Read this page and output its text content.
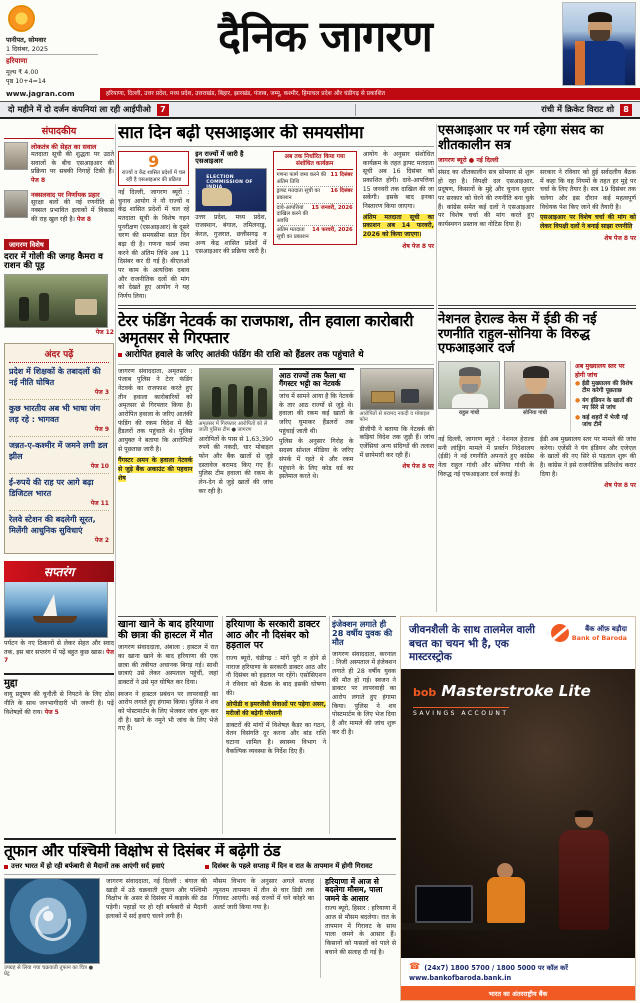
पानीपत, सोमवार
1 दिसंबर, 2025
हरियाणा
मूल्य ₹ 4.00
पृष्ठ 10+4=14
दैनिक जागरण
www.jagran.com	हरियाणा, दिल्ली, उत्तर प्रदेश, मध्य प्रदेश, उत्तराखंड, बिहार, झारखंड, पंजाब, जम्मू, कश्मीर, हिमाचल प्रदेश और चंडीगढ़ से प्रकाशित
दो महीने में दो दर्जन कंपनियां ला रही आईपीओ	7	रांची में क्रिकेट विराट शो	8
संपादकीय
लोकतंत्र की सेहत का सवाल
मतदाता सूची की शुद्धता पर उठते सवालों के बीच एसआइआर की प्रक्रिया पर सबकी निगाहें टिकी हैं। पेज 8
नक्सलवाद पर निर्णायक प्रहार
सुरक्षा बलों की नई रणनीति से नक्सल प्रभावित इलाकों में विकास की राह खुल रही है। पेज 8
जागरण विशेष
दरार में गोली की जगह कैमरा व राशन की पूड़
पेज 12
अंदर पढ़ें
प्रदेश में शिक्षकों के तबादलों की नई नीति घोषित
पेज 3
कुछ भारतीय अब भी भाषा जंग लड़ रहे : भागवत
पेज 9
जन्नत-ए-कश्मीर में जमने लगी डल झील
पेज 10
ई-रुपये की राह पर आगे बढ़ा डिजिटल भारत
पेज 11
रेलवे स्टेशन की बदलेगी सूरत, मिलेंगी आधुनिक सुविधाएं
पेज 2
सप्तरंग
पर्यटन के नए ठिकानों से लेकर सेहत और स्वाद तक, इस बार सप्तरंग में पढ़ें बहुत कुछ खास। पेज 7
मुद्दा
वायु प्रदूषण की चुनौती से निपटने के लिए ठोस नीति के साथ जनभागीदारी भी जरूरी है। पढ़ें विशेषज्ञों की राय। पेज 5
सात दिन बढ़ी एसआइआर की समयसीमा
9
राज्यों व केंद्र शासित प्रदेशों में चल रही है एसआइआर की प्रक्रिया
नई दिल्ली, जागरण ब्यूरो : चुनाव आयोग ने नौ राज्यों व केंद्र शासित प्रदेशों में चल रहे मतदाता सूची के विशेष गहन पुनरीक्षण (एसआइआर) के दूसरे चरण की समयसीमा सात दिन बढ़ा दी है। गणना फार्म जमा करने की अंतिम तिथि अब 11 दिसंबर कर दी गई है। बीएलओ पर काम के अत्यधिक दबाव और राजनीतिक दलों की मांग को देखते हुए आयोग ने यह निर्णय लिया।
इन राज्यों में जारी है एसआइआर
ELECTION COMMISSION OF INDIA
उत्तर प्रदेश, मध्य प्रदेश, राजस्थान, बंगाल, तमिलनाडु, केरल, गुजरात, छत्तीसगढ़ व अन्य केंद्र शासित प्रदेशों में एसआइआर की प्रक्रिया जारी है।
अब तक निर्धारित किया गया संशोधित कार्यक्रम
गणना फार्म जमा करने की अंतिम तिथि
11 दिसंबर
ड्राफ्ट मतदाता सूची का प्रकाशन
16 दिसंबर
दावे-आपत्तियां दाखिल करने की अवधि
15 जनवरी, 2026
अंतिम मतदाता सूची का प्रकाशन
14 फरवरी, 2026
आयोग के अनुसार संशोधित कार्यक्रम के तहत ड्राफ्ट मतदाता सूची अब 16 दिसंबर को प्रकाशित होगी। दावे-आपत्तियां 15 जनवरी तक दाखिल की जा सकेंगी। इसके बाद इनका निस्तारण किया जाएगा।
अंतिम मतदाता सूची का प्रकाशन अब 14 फरवरी, 2026 को किया जाएगा।
शेष पेज 8 पर
एसआइआर पर गर्म रहेगा संसद का शीतकालीन सत्र
जागरण ब्यूरो ● नई दिल्ली
संसद का शीतकालीन सत्र सोमवार से शुरू हो रहा है। विपक्षी दल एसआइआर, प्रदूषण, किसानों के मुद्दे और चुनाव सुधार पर सरकार को घेरने की रणनीति बना चुके हैं। कांग्रेस समेत कई दलों ने एसआइआर पर विशेष चर्चा की मांग करते हुए कार्यस्थगन प्रस्ताव का नोटिस दिया है।
सरकार ने रविवार को हुई सर्वदलीय बैठक में कहा कि वह नियमों के तहत हर मुद्दे पर चर्चा के लिए तैयार है। सत्र 19 दिसंबर तक चलेगा और इस दौरान कई महत्वपूर्ण विधेयक पेश किए जाने की तैयारी है।
एसआइआर पर विशेष चर्चा की मांग को लेकर विपक्षी दलों ने बनाई साझा रणनीति
शेष पेज 8 पर
टेरर फंडिंग नेटवर्क का राजफाश, तीन हवाला कारोबारी अमृतसर से गिरफ्तार
आरोपित हवाले के जरिए आतंकी फंडिंग की राशि को हैंडलर तक पहुंचाते थे
जागरण संवाददाता, अमृतसर : पंजाब पुलिस ने टेरर फंडिंग नेटवर्क का राजफाश करते हुए तीन हवाला कारोबारियों को अमृतसर से गिरफ्तार किया है। आरोपित हवाला के जरिए आतंकी फंडिंग की रकम विदेश में बैठे हैंडलरों तक पहुंचाते थे। पुलिस आयुक्त ने बताया कि आरोपितों से पूछताछ जारी है।
गैंगस्टर अमन के हवाला नेटवर्क से जुड़े बैंक अकाउंट की पहचान शेष
अमृतसर में गिरफ्तार आरोपितों को ले जाती पुलिस टीम ● जागरण
आरोपितों के पास से 1,63,390 रुपये की नकदी, चार मोबाइल फोन और बैंक खातों से जुड़े दस्तावेज बरामद किए गए हैं। पुलिस टीम हवाला की रकम के लेन-देन से जुड़े खातों की जांच कर रही है।
आठ राज्यों तक फैला था गैंगस्टर भट्टी का नेटवर्क
जांच में सामने आया है कि नेटवर्क के तार आठ राज्यों से जुड़े थे। हवाला की रकम कई खातों के जरिए घुमाकर हैंडलरों तक पहुंचाई जाती थी।
पुलिस के अनुसार गिरोह के सदस्य सोशल मीडिया के जरिए संपर्क में रहते थे और रकम पहुंचाने के लिए कोड वर्ड का इस्तेमाल करते थे।
आरोपितों से बरामद नकदी व मोबाइल फोन
डीजीपी ने बताया कि नेटवर्क की कड़ियां विदेश तक जुड़ी हैं। जांच एजेंसियां अन्य संदिग्धों की तलाश में छापेमारी कर रही हैं।
शेष पेज 8 पर
नेशनल हेराल्ड केस में ईडी की नई रणनीति राहुल-सोनिया के विरुद्ध एफआइआर दर्ज
राहुल गांधी	सोनिया गांधी
अब मुख्यालय स्तर पर होगी जांच
● ईडी मुख्यालय की विशेष टीम करेगी पूछताछ
● यंग इंडियन के खातों की नए सिरे से जांच
● कई शहरों में भेजी गईं जांच टीमें
नई दिल्ली, जागरण ब्यूरो : नेशनल हेराल्ड मनी लांड्रिंग मामले में प्रवर्तन निदेशालय (ईडी) ने नई रणनीति अपनाते हुए कांग्रेस नेता राहुल गांधी और सोनिया गांधी के विरुद्ध नई एफआइआर दर्ज कराई है।
ईडी अब मुख्यालय स्तर पर मामले की जांच करेगा। एजेंसी ने यंग इंडियन और एजेएल के खातों की नए सिरे से पड़ताल शुरू की है। कांग्रेस ने इसे राजनीतिक प्रतिशोध करार दिया है।
शेष पेज 8 पर
खाना खाने के बाद हरियाणा की छात्रा की हास्टल में मौत
जागरण संवाददाता, अंबाला : हास्टल में रात का खाना खाने के बाद हरियाणा की एक छात्रा की तबीयत अचानक बिगड़ गई। साथी छात्राएं उसे लेकर अस्पताल पहुंचीं, जहां डाक्टरों ने उसे मृत घोषित कर दिया।
स्वजन ने हास्टल प्रबंधन पर लापरवाही का आरोप लगाते हुए हंगामा किया। पुलिस ने शव को पोस्टमार्टम के लिए भेजकर जांच शुरू कर दी है। खाने के नमूने भी जांच के लिए भेजे गए हैं।
हरियाणा के सरकारी डाक्टर आठ और नौ दिसंबर को हड़ताल पर
राज्य ब्यूरो, चंडीगढ़ : मांगें पूरी न होने से नाराज हरियाणा के सरकारी डाक्टर आठ और नौ दिसंबर को हड़ताल पर रहेंगे। एसोसिएशन ने रविवार को बैठक के बाद इसकी घोषणा की।
ओपीडी व इमरजेंसी सेवाओं पर पड़ेगा असर, मरीजों की बढ़ेगी परेशानी
डाक्टरों की मांगों में विशेषज्ञ कैडर का गठन, वेतन विसंगति दूर करना और बांड राशि घटाना शामिल है। स्वास्थ्य विभाग ने वैकल्पिक व्यवस्था के निर्देश दिए हैं।
इंजेक्शन लगाते ही 28 वर्षीय युवक की मौत
जागरण संवाददाता, करनाल : निजी अस्पताल में इंजेक्शन लगाते ही 28 वर्षीय युवक की मौत हो गई। स्वजन ने डाक्टर पर लापरवाही का आरोप लगाते हुए हंगामा किया। पुलिस ने शव पोस्टमार्टम के लिए भेज दिया है और मामले की जांच शुरू कर दी है।
तूफान और पश्चिमी विक्षोभ से दिसंबर में बढ़ेगी ठंड
उत्तर भारत में हो रही बर्फबारी से मैदानों तक आएंगी सर्द हवाएं	दिसंबर के पहले सप्ताह में दिन व रात के तापमान में होगी गिरावट
उपग्रह से लिया गया चक्रवाती तूफान का चित्र ● प्रेट्र
जागरण संवाददाता, नई दिल्ली : बंगाल की खाड़ी में उठे चक्रवाती तूफान और पश्चिमी विक्षोभ के असर से दिसंबर में कड़ाके की ठंड पड़ेगी। पहाड़ों पर हो रही बर्फबारी से मैदानी इलाकों में सर्द हवाएं चलने लगी हैं।
मौसम विभाग के अनुसार अगले सप्ताह न्यूनतम तापमान में तीन से चार डिग्री तक गिरावट आएगी। कई राज्यों में घने कोहरे का अलर्ट जारी किया गया है।
हरियाणा में आज से बदलेगा मौसम, पाला जमने के आसार
राज्य ब्यूरो, हिसार : हरियाणा में आज से मौसम बदलेगा। रात के तापमान में गिरावट के साथ पाला जमने के आसार हैं। किसानों को फसलों को पाले से बचाने की सलाह दी गई है।
जीवनशैली के साथ तालमेल वाली बचत का चयन भी है, एक मास्टरस्ट्रोक
बैंक ऑफ़ बड़ौदा
Bank of Baroda
bob Masterstroke Lite SAVINGS ACCOUNT
☎ (24x7) 1800 5700 / 1800 5000 पर कॉल करें
www.bankofbaroda.bank.in
भारत का अंतरराष्ट्रीय बैंक
